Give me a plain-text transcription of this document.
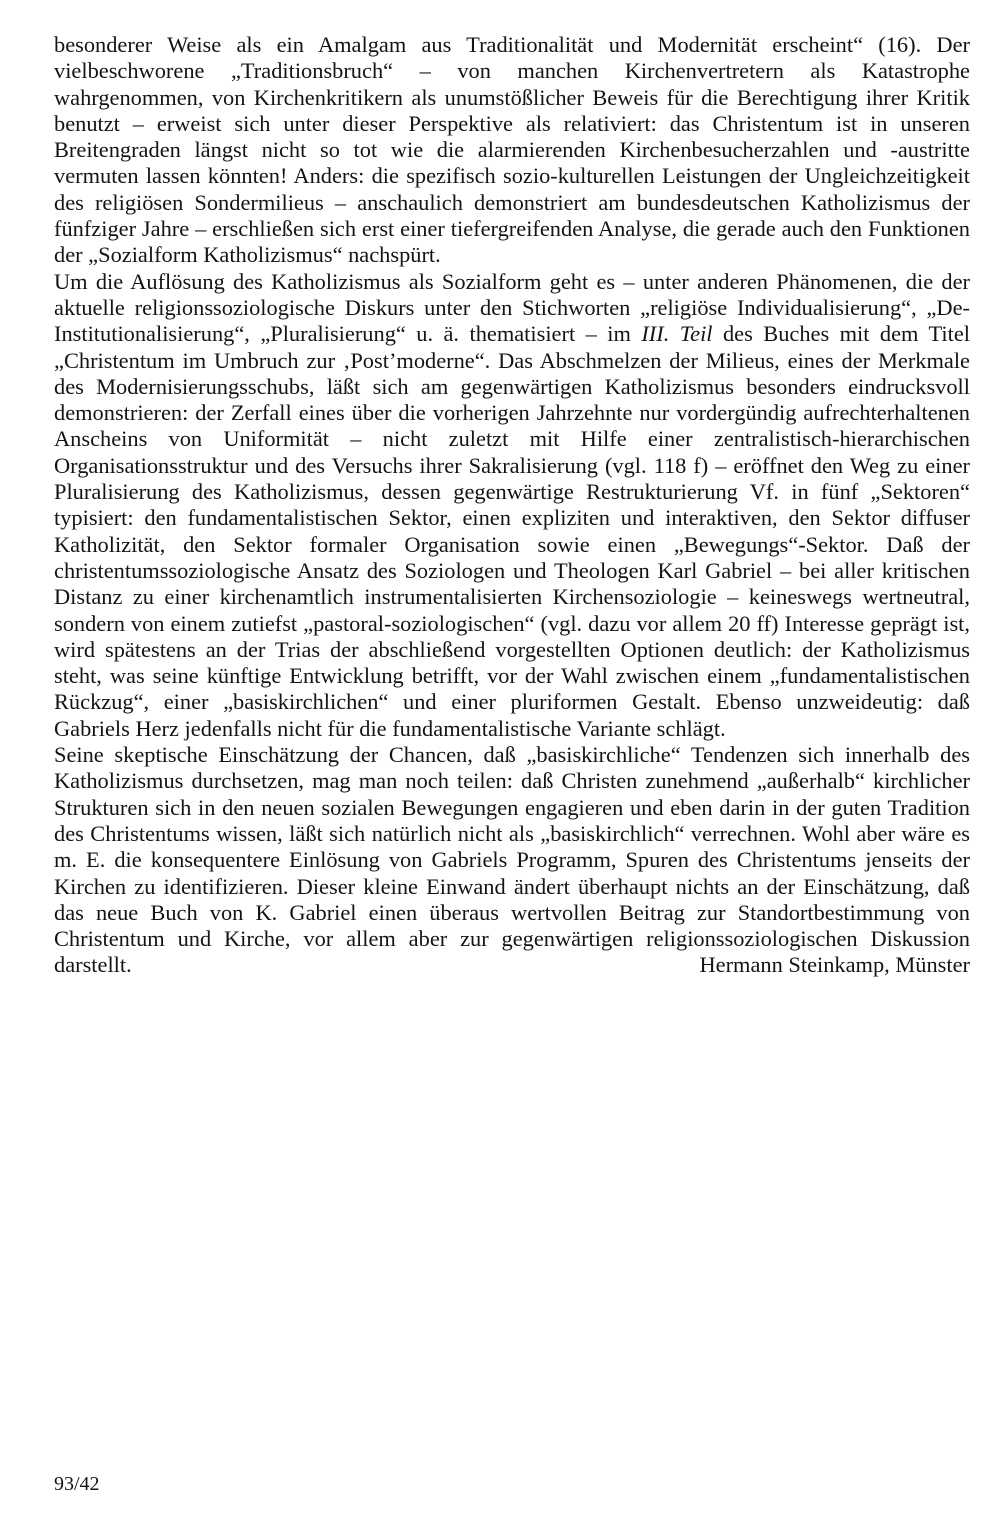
besonderer Weise als ein Amalgam aus Traditionalität und Modernität erscheint“ (16). Der vielbeschworene „Traditionsbruch“ – von manchen Kirchenvertretern als Katastrophe wahrgenommen, von Kirchenkritikern als unumstößlicher Beweis für die Berechtigung ihrer Kritik benutzt – erweist sich unter dieser Perspektive als relativiert: das Christentum ist in unseren Breitengraden längst nicht so tot wie die alarmierenden Kirchenbesucherzahlen und -austritte vermuten lassen könnten! Anders: die spezifisch sozio-kulturellen Leistungen der Ungleichzeitigkeit des religiösen Sondermilieus – anschaulich demonstriert am bundesdeutschen Katholizismus der fünfziger Jahre – erschließen sich erst einer tiefergreifenden Analyse, die gerade auch den Funktionen der „Sozialform Katholizismus“ nachspürt.

Um die Auflösung des Katholizismus als Sozialform geht es – unter anderen Phänomenen, die der aktuelle religionssoziologische Diskurs unter den Stichworten „religiöse Individualisierung“, „De-Institutionalisierung“, „Pluralisierung“ u. ä. thematisiert – im III. Teil des Buches mit dem Titel „Christentum im Umbruch zur ‚Post’moderne“. Das Abschmelzen der Milieus, eines der Merkmale des Modernisierungsschubs, läßt sich am gegenwärtigen Katholizismus besonders eindrucksvoll demonstrieren: der Zerfall eines über die vorherigen Jahrzehnte nur vordergündig aufrechterhaltenen Anscheins von Uniformität – nicht zuletzt mit Hilfe einer zentralistisch-hierarchischen Organisationsstruktur und des Versuchs ihrer Sakralisierung (vgl. 118 f) – eröffnet den Weg zu einer Pluralisierung des Katholizismus, dessen gegenwärtige Restrukturierung Vf. in fünf „Sektoren“ typisiert: den fundamentalistischen Sektor, einen expliziten und interaktiven, den Sektor diffuser Katholizität, den Sektor formaler Organisation sowie einen „Bewegungs“-Sektor. Daß der christentumssoziologische Ansatz des Soziologen und Theologen Karl Gabriel – bei aller kritischen Distanz zu einer kirchenamtlich instrumentalisierten Kirchensoziologie – keineswegs wertneutral, sondern von einem zutiefst „pastoral-soziologischen“ (vgl. dazu vor allem 20 ff) Interesse geprägt ist, wird spätestens an der Trias der abschließend vorgestellten Optionen deutlich: der Katholizismus steht, was seine künftige Entwicklung betrifft, vor der Wahl zwischen einem „fundamentalistischen Rückzug“, einer „basiskirchlichen“ und einer pluriformen Gestalt. Ebenso unzweideutig: daß Gabriels Herz jedenfalls nicht für die fundamentalistische Variante schlägt.

Seine skeptische Einschätzung der Chancen, daß „basiskirchliche“ Tendenzen sich innerhalb des Katholizismus durchsetzen, mag man noch teilen: daß Christen zunehmend „außerhalb“ kirchlicher Strukturen sich in den neuen sozialen Bewegungen engagieren und eben darin in der guten Tradition des Christentums wissen, läßt sich natürlich nicht als „basiskirchlich“ verrechnen. Wohl aber wäre es m. E. die konsequentere Einlösung von Gabriels Programm, Spuren des Christentums jenseits der Kirchen zu identifizieren. Dieser kleine Einwand ändert überhaupt nichts an der Einschätzung, daß das neue Buch von K. Gabriel einen überaus wertvollen Beitrag zur Standortbestimmung von Christentum und Kirche, vor allem aber zur gegenwärtigen religionssoziologischen Diskussion darstellt.	Hermann Steinkamp, Münster

93/42
